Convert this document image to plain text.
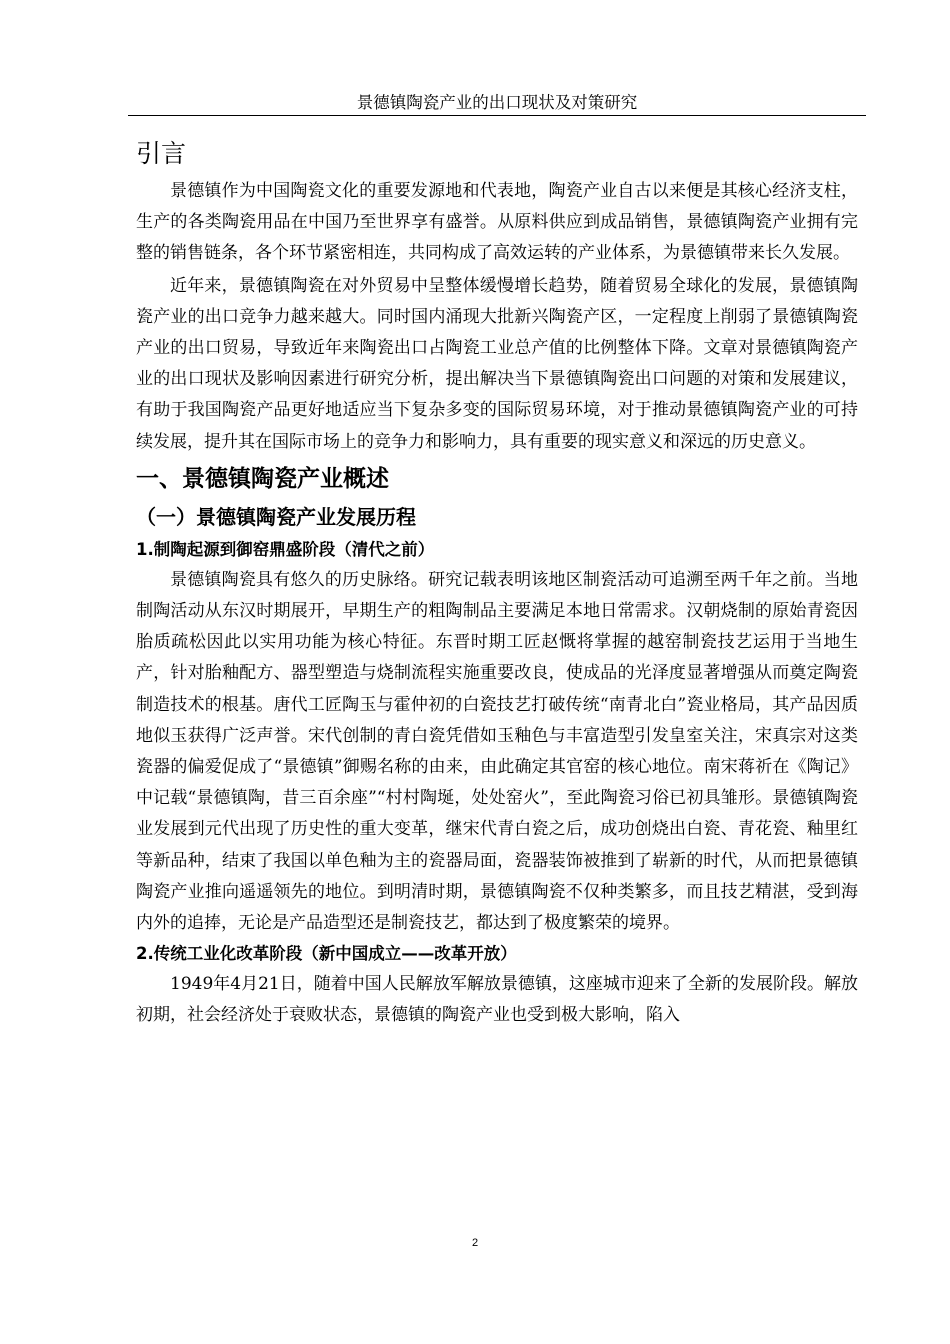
景德镇陶瓷产业的出口现状及对策研究
引言

景德镇作为中国陶瓷文化的重要发源地和代表地，陶瓷产业自古以来便是其核心经济支柱，生产的各类陶瓷用品在中国乃至世界享有盛誉。从原料供应到成品销售，景德镇陶瓷产业拥有完整的销售链条，各个环节紧密相连，共同构成了高效运转的产业体系，为景德镇带来长久发展。

近年来，景德镇陶瓷在对外贸易中呈整体缓慢增长趋势，随着贸易全球化的发展，景德镇陶瓷产业的出口竞争力越来越大。同时国内涌现大批新兴陶瓷产区，一定程度上削弱了景德镇陶瓷产业的出口贸易，导致近年来陶瓷出口占陶瓷工业总产值的比例整体下降。文章对景德镇陶瓷产业的出口现状及影响因素进行研究分析，提出解决当下景德镇陶瓷出口问题的对策和发展建议，有助于我国陶瓷产品更好地适应当下复杂多变的国际贸易环境，对于推动景德镇陶瓷产业的可持续发展，提升其在国际市场上的竞争力和影响力，具有重要的现实意义和深远的历史意义。

一、景德镇陶瓷产业概述
（一）景德镇陶瓷产业发展历程
1.制陶起源到御窑鼎盛阶段（清代之前）

景德镇陶瓷具有悠久的历史脉络。研究记载表明该地区制瓷活动可追溯至两千年之前。当地制陶活动从东汉时期展开，早期生产的粗陶制品主要满足本地日常需求。汉朝烧制的原始青瓷因胎质疏松因此以实用功能为核心特征。东晋时期工匠赵慨将掌握的越窑制瓷技艺运用于当地生产，针对胎釉配方、器型塑造与烧制流程实施重要改良，使成品的光泽度显著增强从而奠定陶瓷制造技术的根基。唐代工匠陶玉与霍仲初的白瓷技艺打破传统“南青北白”瓷业格局，其产品因质地似玉获得广泛声誉。宋代创制的青白瓷凭借如玉釉色与丰富造型引发皇室关注，宋真宗对这类瓷器的偏爱促成了“景德镇”御赐名称的由来，由此确定其官窑的核心地位。南宋蒋祈在《陶记》中记载“景德镇陶，昔三百余座”“村村陶埏，处处窑火”，至此陶瓷习俗已初具雏形。景德镇陶瓷业发展到元代出现了历史性的重大变革，继宋代青白瓷之后，成功创烧出白瓷、青花瓷、釉里红等新品种，结束了我国以单色釉为主的瓷器局面，瓷器装饰被推到了崭新的时代，从而把景德镇陶瓷产业推向遥遥领先的地位。到明清时期，景德镇陶瓷不仅种类繁多，而且技艺精湛，受到海内外的追捧，无论是产品造型还是制瓷技艺，都达到了极度繁荣的境界。

2.传统工业化改革阶段（新中国成立——改革开放）

1949年4月21日，随着中国人民解放军解放景德镇，这座城市迎来了全新的发展阶段。解放初期，社会经济处于衰败状态，景德镇的陶瓷产业也受到极大影响，陷入

2
